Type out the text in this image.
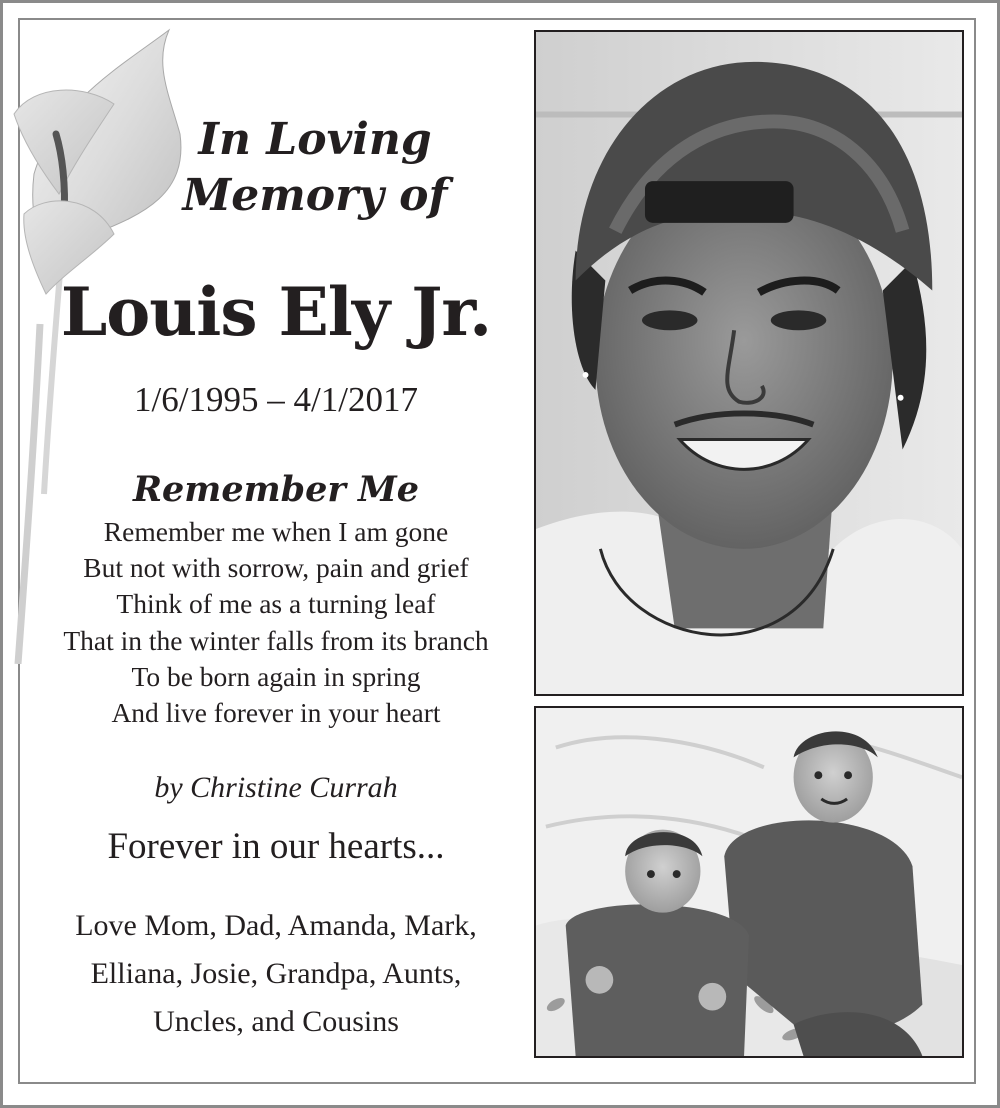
In Loving
Memory of
Louis Ely Jr.
1/6/1995 – 4/1/2017
Remember Me
Remember me when I am gone
But not with sorrow, pain and grief
Think of me as a turning leaf
That in the winter falls from its branch
To be born again in spring
And live forever in your heart
by Christine Currah
Forever in our hearts...
Love Mom, Dad, Amanda, Mark,
Elliana, Josie, Grandpa, Aunts,
Uncles, and Cousins
